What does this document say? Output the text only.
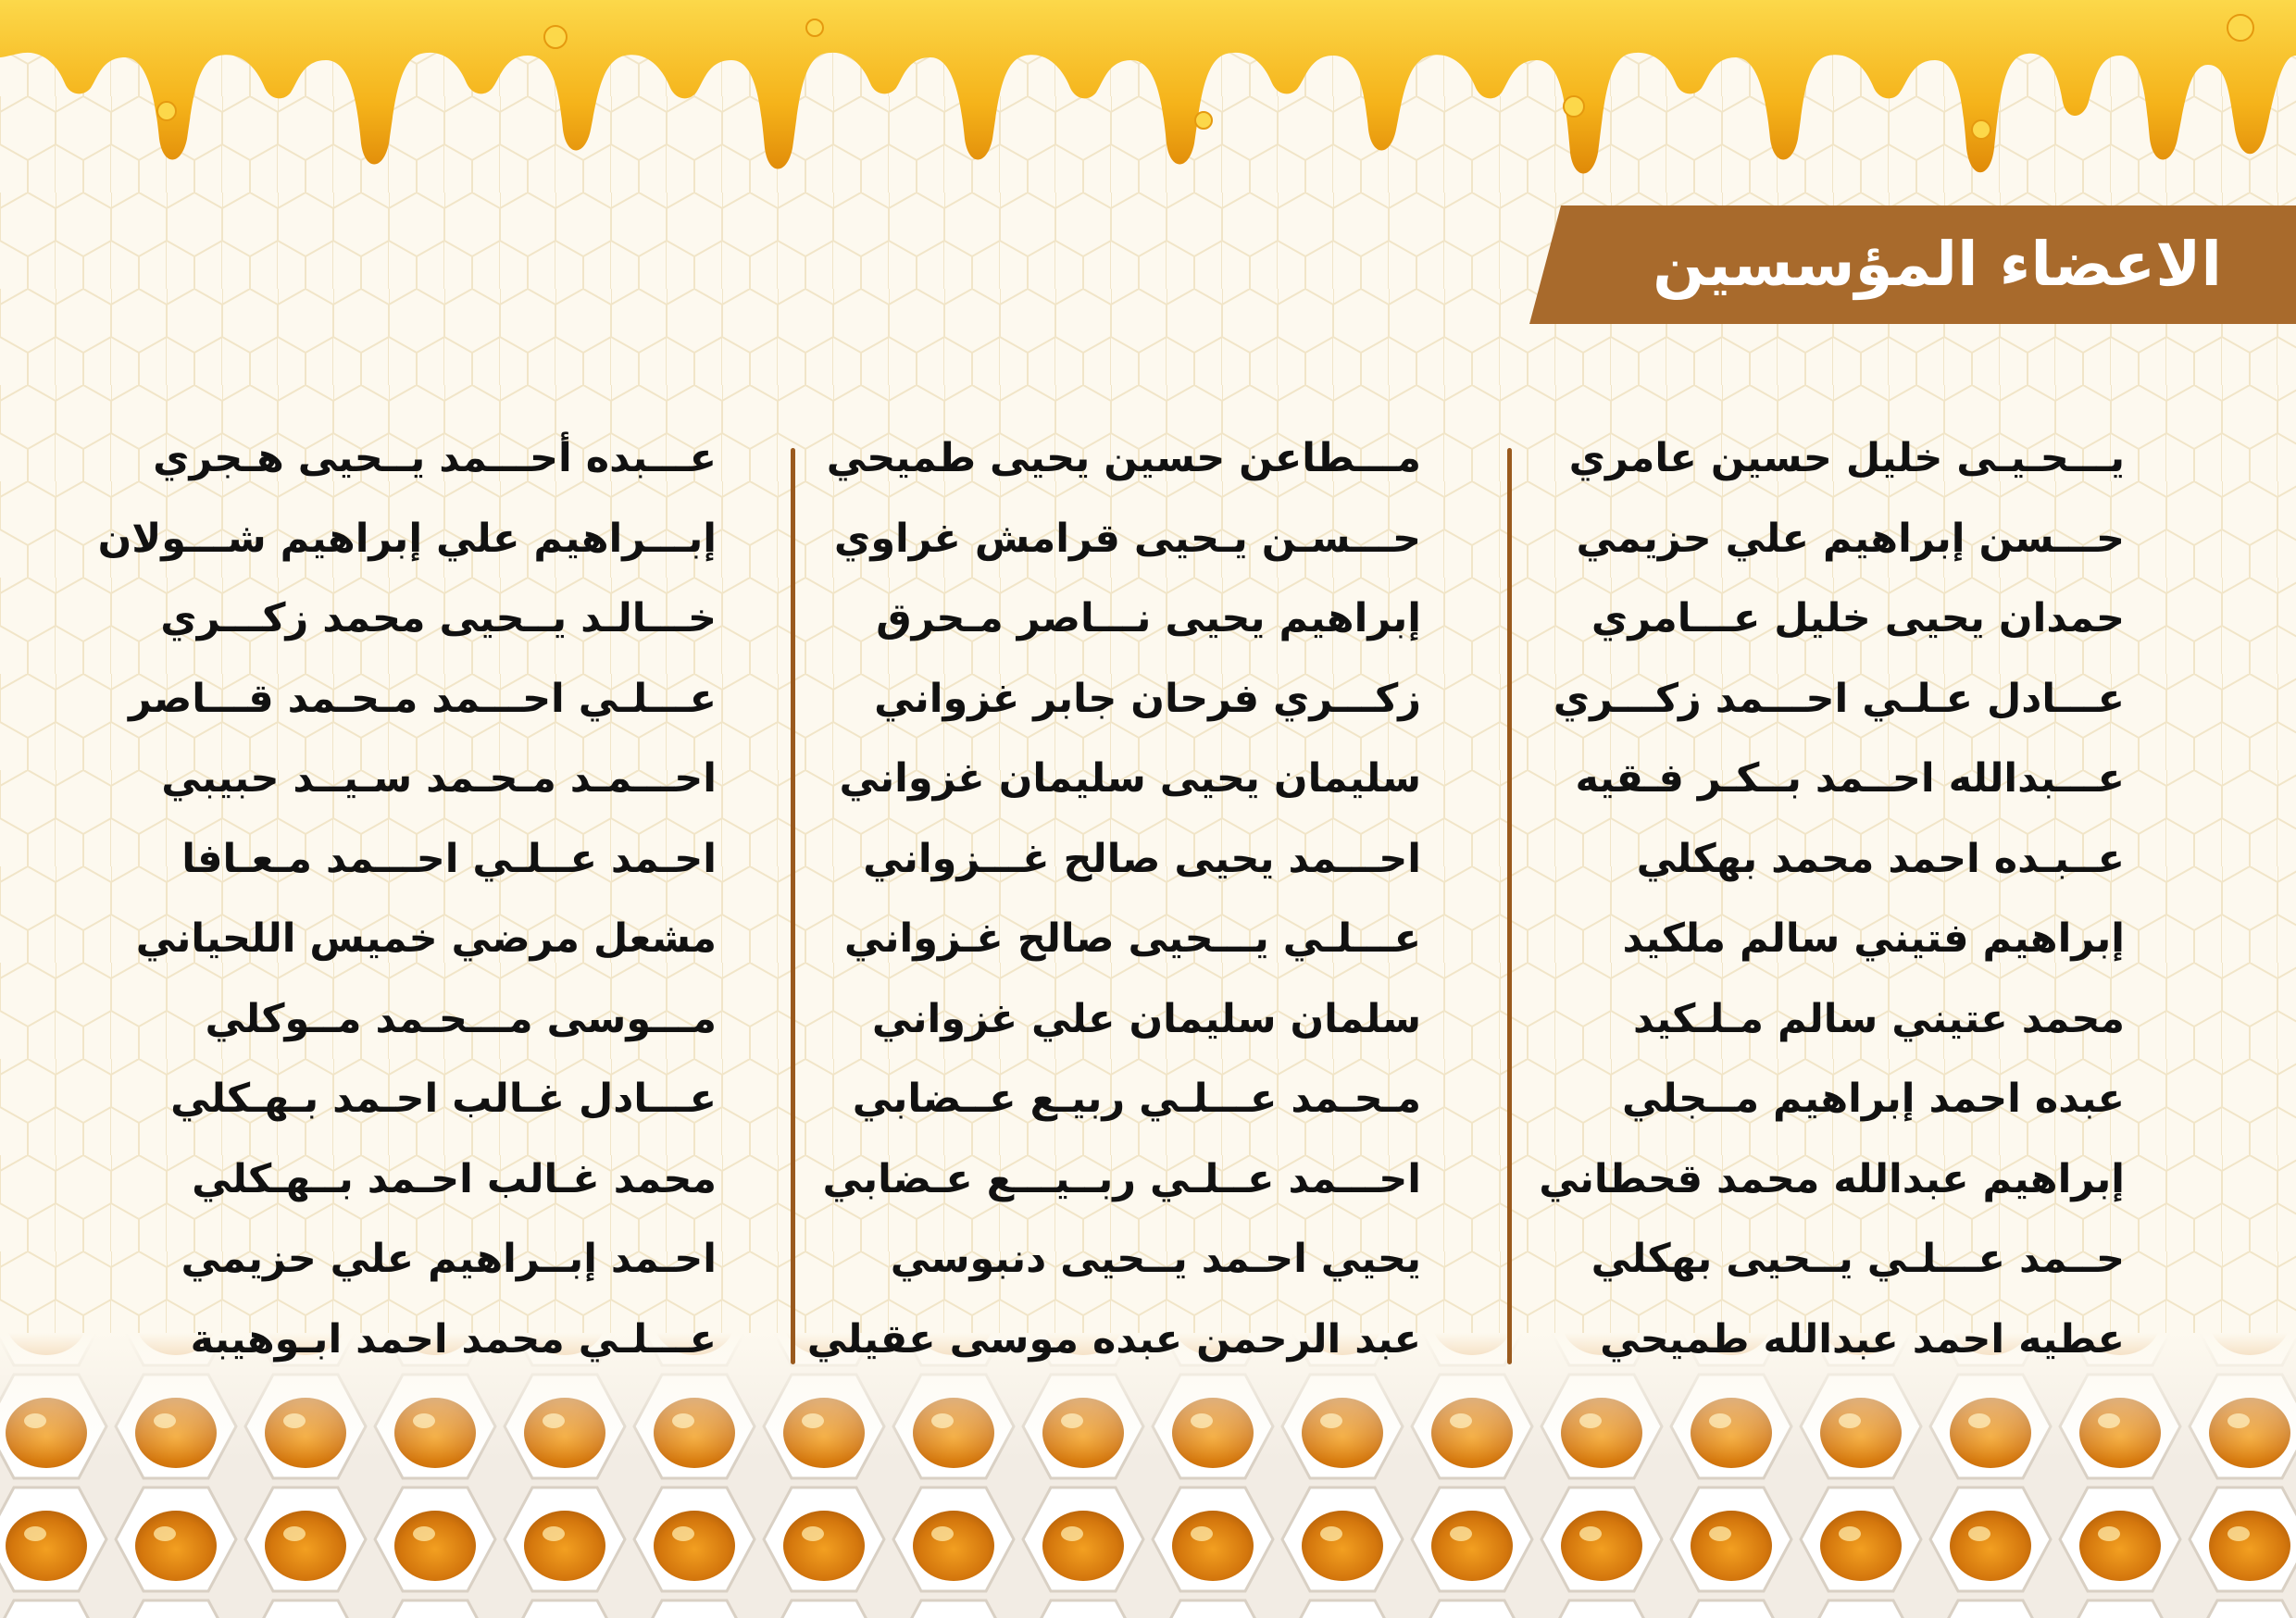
الاعضاء المؤسسين
يـــحـيـى خليل حسين عامري
حـــسن إبراهيم علي حزيمي
حمدان يحيى خليل عـــامري
عـــادل عـلـي احـــمد زكـــري
عـــبدالله احــمد بــكـر فـقيه
عــبـده احمد محمد بهكلي
إبراهيم فتيني سالم ملكيد
محمد عتيني سالم مـلـكيد
عبده احمد إبراهيم مــجلي
إبراهيم عبدالله محمد قحطاني
حــمد عـــلـي يــحيى بهكلي
عطيه احمد عبدالله طميحي
مـــطاعن حسين يحيى طميحي
حـــسـن يـحيى قرامش غراوي
إبراهيم يحيى نـــاصر مـحرق
زكـــري فرحان جابر غزواني
سليمان يحيى سليمان غزواني
احـــمد يحيى صالح غـــزواني
عـــلـي يـــحيى صالح غـزواني
سلمان سليمان علي غزواني
مـحـمد عـــلـي ربيـع عــضابي
احـــمد عــلـي ربــيـــع عـضابي
يحيي احـمد يــحيى دنبوسي
عبد الرحمن عبده موسى عقيلي
عـــبده أحـــمد يــحيى هـجري
إبـــراهيم علي إبراهيم شـــولان
خـــالـد يــحيى محمد زكـــري
عـــلـي احـــمد مـحـمد قـــاصر
احـــمـد مـحـمد سـيــد حبيبي
احـمد عــلـي احـــمد مـعـافا
مشعل مرضي خميس اللحياني
مـــوسى مـــحـمد مــوكلي
عـــادل غـالب احـمد بـهـكلي
محمد غـالب احـمد بــهـكلي
احـمد إبــراهيم علي حزيمي
عـــلـي محمد احمد ابـوهيبة
